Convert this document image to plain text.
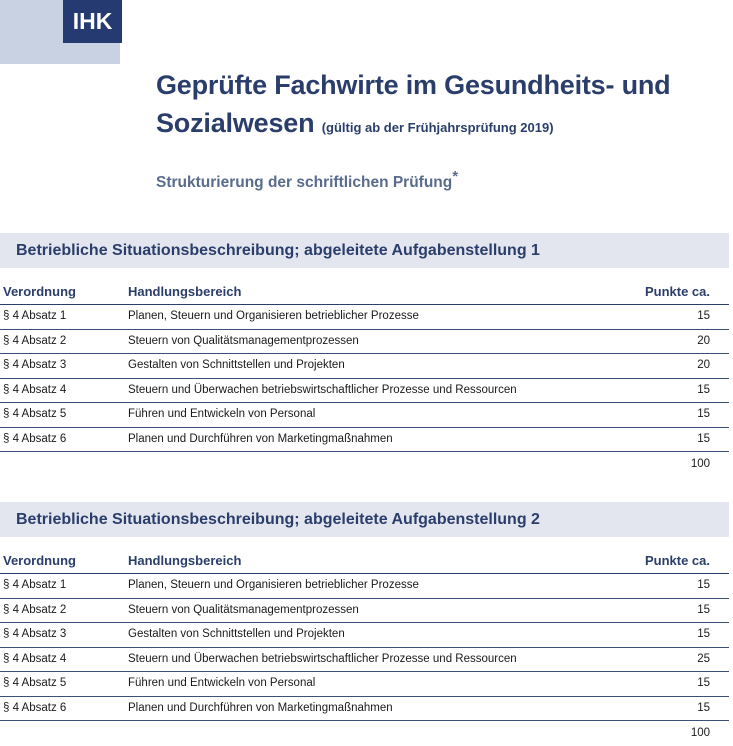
IHK
Geprüfte Fachwirte im Gesundheits- und Sozialwesen (gültig ab der Frühjahrsprüfung 2019)
Strukturierung der schriftlichen Prüfung*
Betriebliche Situationsbeschreibung; abgeleitete Aufgabenstellung 1
Verordnung	Handlungsbereich	Punkte ca.
§ 4 Absatz 1	Planen, Steuern und Organisieren betrieblicher Prozesse	15
§ 4 Absatz 2	Steuern von Qualitätsmanagementprozessen	20
§ 4 Absatz 3	Gestalten von Schnittstellen und Projekten	20
§ 4 Absatz 4	Steuern und Überwachen betriebswirtschaftlicher Prozesse und Ressourcen	15
§ 4 Absatz 5	Führen und Entwickeln von Personal	15
§ 4 Absatz 6	Planen und Durchführen von Marketingmaßnahmen	15
100
Betriebliche Situationsbeschreibung; abgeleitete Aufgabenstellung 2
Verordnung	Handlungsbereich	Punkte ca.
§ 4 Absatz 1	Planen, Steuern und Organisieren betrieblicher Prozesse	15
§ 4 Absatz 2	Steuern von Qualitätsmanagementprozessen	15
§ 4 Absatz 3	Gestalten von Schnittstellen und Projekten	15
§ 4 Absatz 4	Steuern und Überwachen betriebswirtschaftlicher Prozesse und Ressourcen	25
§ 4 Absatz 5	Führen und Entwickeln von Personal	15
§ 4 Absatz 6	Planen und Durchführen von Marketingmaßnahmen	15
100
